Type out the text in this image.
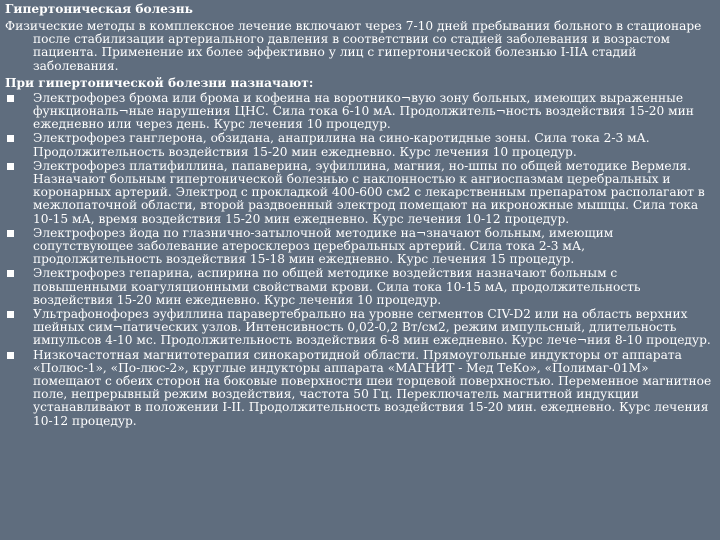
Гипертоническая болезнь
Физические методы в комплексное лечение включают через 7-10 дней пребывания больного в стационаре после стабилизации артериального давления в соответствии со стадией заболевания и возрастом пациента. Применение их более эффективно у лиц с гипертонической болезнью I-IIA стадий заболевания.
При гипертонической болезни назначают:
Электрофорез брома или брома и кофеина на воротнико¬вую зону больных, имеющих выраженные функциональ¬ные нарушения ЦНС. Сила тока 6-10 мА. Продолжитель¬ность воздействия 15-20 мин ежедневно или через день. Курс лечения 10 процедур.
Электрофорез ганглерона, обзидана, анаприлина на сино-каротидные зоны. Сила тока 2-3 мА. Продолжительность воздействия 15-20 мин ежедневно. Курс лечения 10 процедур.
Электрофорез платифиллина, папаверина, эуфиллина, магния, но-шпы по общей методике Вермеля. Назначают больным гипертонической болезнью с наклонностью к ангиоспазмам церебральных и коронарных артерий. Электрод с прокладкой 400-600 см2 с лекарственным препаратом располагают в межлопаточной области, второй раздвоенный электрод помещают на икроножные мышцы. Сила тока 10-15 мА, время воздействия 15-20 мин ежедневно. Курс лечения 10-12 процедур.
Электрофорез йода по глазнично-затылочной методике на¬значают больным, имеющим сопутствующее заболевание атеросклероз церебральных артерий. Сила тока 2-3 мА, продолжительность воздействия 15-18 мин ежедневно. Курс лечения 15 процедур.
Электрофорез гепарина, аспирина по общей методике воздействия назначают больным с повышенными коагуляционными свойствами крови. Сила тока 10-15 мА, продолжительность воздействия 15-20 мин ежедневно. Курс лечения 10 процедур.
Ультрафонофорез эуфиллина паравертебрально на уровне сегментов CIV-D2 или на область верхних шейных сим¬патических узлов. Интенсивность 0,02-0,2 Вт/см2, режим импульсный, длительность импульсов 4-10 мс. Продолжительность воздействия 6-8 мин ежедневно. Курс лече¬ния 8-10 процедур.
Низкочастотная магнитотерапия синокаротидной области. Прямоугольные индукторы от аппарата «Полюс-1», «По-люс-2», круглые индукторы аппарата «МАГНИТ - Мед ТеКо», «Полимаг-01М» помещают с обеих сторон на боковые поверхности шеи торцевой поверхностью. Переменное магнитное поле, непрерывный режим воздействия, частота 50 Гц. Переключатель магнитной индукции устанавливают в положении I-II. Продолжительность воздействия 15-20 мин. ежедневно. Курс лечения 10-12 процедур.
